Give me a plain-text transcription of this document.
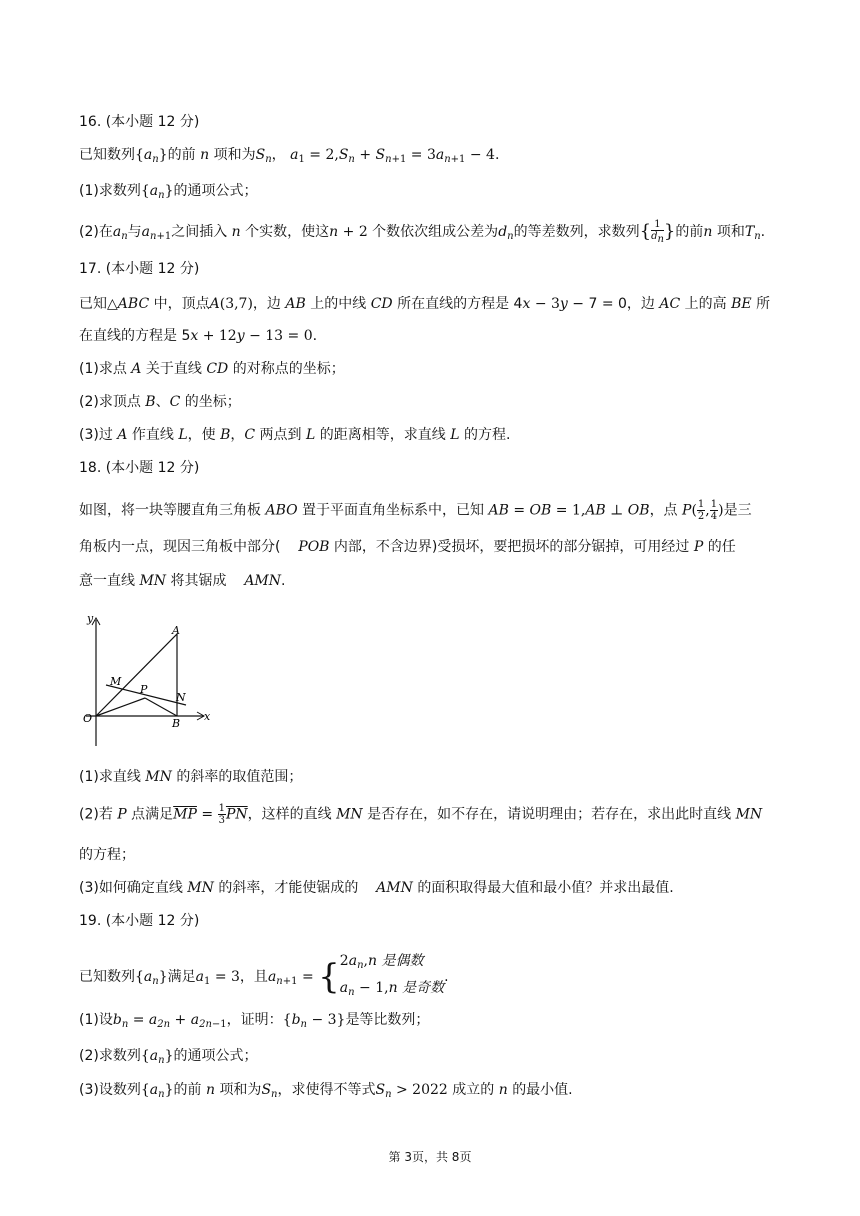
16. (本小题 12 分)
已知数列$\{a_n\}$的前 n 项和为$S_n$， $a_1 = 2,S_n + S_{n+1} = 3a_{n+1} - 4$.
(1)求数列$\{a_n\}$的通项公式；
(2)在$a_n$与$a_{n+1}$之间插入 n 个实数，使这n + 2 个数依次组成公差为$d_n$的等差数列，求数列{ $\frac{1}{d_n}$ }的前n 项和$T_n$.
17. (本小题 12 分)
已知△ABC 中，顶点A(3,7)，边 AB 上的中线 CD 所在直线的方程是 4x − 3y − 7 = 0，边 AC 上的高 BE 所
在直线的方程是 5x + 12y − 13 = 0.
(1)求点 A 关于直线 CD 的对称点的坐标；
(2)求顶点 B、C 的坐标；
(3)过 A 作直线 L，使 B，C 两点到 L 的距离相等，求直线 L 的方程.
18. (本小题 12 分)
如图，将一块等腰直角三角板 ABO 置于平面直角坐标系中，已知 AB = OB = 1,AB ⊥ OB，点 $P( \frac{1}{2}$ , $\frac{1}{4}$ )是三
角板内一点，现因三角板中部分( POB 内部，不含边界)受损坏，要把损坏的部分锯掉，可用经过 P 的任
意一直线 MN 将其锯成 AMN.
y
x
A
M
P
N
O	B
(1)求直线 MN 的斜率的取值范围；
(2)若 P 点满足$\overline{MP} = \frac{1}{3} \overline{PN}$，这样的直线 MN 是否存在，如不存在，请说明理由；若存在，求出此时直线 MN
的方程；
(3)如何确定直线 MN 的斜率，才能使锯成的 AMN 的面积取得最大值和最小值？并求出最值.
19. (本小题 12 分)
已知数列$\{a_n\}$满足$a_1 = 3$，且$a_{n+1}$ = { $2a_n,n$ 是偶数
$a_n - 1,n$ 是奇数
.
(1)设$b_n = a_{2n} + a_{2n-1}$，证明：$\{b_n - 3\}$是等比数列；
(2)求数列$\{a_n\}$的通项公式；
(3)设数列$\{a_n\}$的前 n 项和为$S_n$，求使得不等式$S_n > 2022$ 成立的 n 的最小值.
第 3页，共 8页
